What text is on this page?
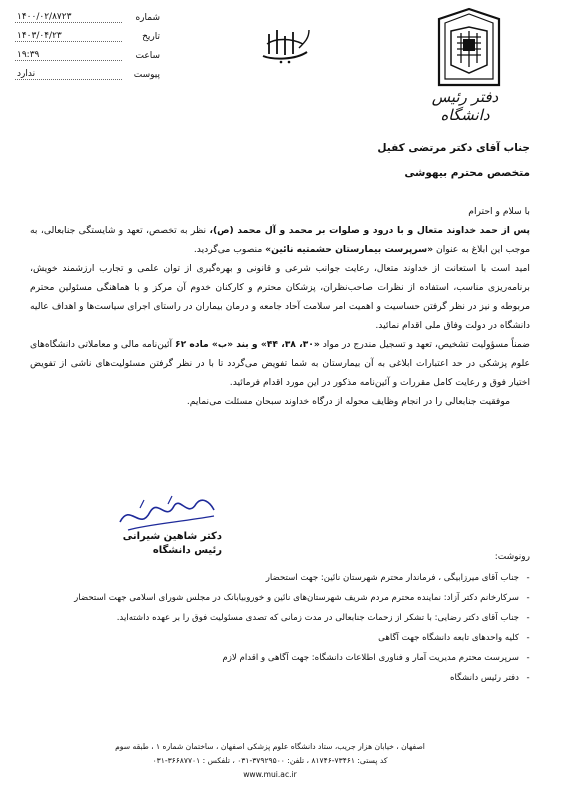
شماره
۱۴۰۰/۰۲/۸۷۲۳
تاریخ
۱۴۰۳/۰۴/۲۳
ساعت
۱۹:۳۹
پیوست
ندارد
دفتر رئیس دانشگاه
جناب آقای دکتر مرتضی کفیل
متخصص محترم بیهوشی

با سلام و احترام

پس از حمد خداوند متعال و با درود و صلوات بر محمد و آل محمد (ص)، نظر به تخصص، تعهد و شایستگی جنابعالی، به موجب این ابلاغ به عنوان «سرپرست بیمارستان حشمتیه نائین» منصوب می‌گردید.

امید است با استعانت از خداوند متعال، رعایت جوانب شرعی و قانونی و بهره‌گیری از توان علمی و تجارب ارزشمند خویش، برنامه‌ریزی مناسب، استفاده از نظرات صاحب‌نظران، پزشکان محترم و کارکنان خدوم آن مرکز و با هماهنگی مسئولین محترم مربوطه و نیز در نظر گرفتن حساسیت و اهمیت امر سلامت آحاد جامعه و درمان بیماران در راستای اجرای سیاست‌ها و اهداف عالیه دانشگاه در دولت وفاق ملی اقدام نمائید.

ضمناً مسؤولیت تشخیص، تعهد و تسجیل مندرج در مواد «۳۰، ۳۸، ۴۴» و بند «ب» ماده ۶۲ آئین‌نامه مالی و معاملاتی دانشگاه‌های علوم پزشکی در حد اعتبارات ابلاغی به آن بیمارستان به شما تفویض می‌گردد تا با در نظر گرفتن مسئولیت‌های ناشی از تفویض اختیار فوق و رعایت کامل مقررات و آئین‌نامه مذکور در این مورد اقدام فرمائید.

موفقیت جنابعالی را در انجام وظایف محوله از درگاه خداوند سبحان مسئلت می‌نمایم.

دکتر شاهین شیرانی
رئیس دانشگاه
رونوشت:
-
جناب آقای میرزابیگی ، فرماندار محترم شهرستان نائین: جهت استحضار
-
سرکارخانم دکتر آزاد: نماینده محترم مردم شریف شهرستان‌های نائین و خوروبیابانک در مجلس شورای اسلامی جهت استحضار
-
جناب آقای دکتر رضایی: با تشکر از زحمات جنابعالی در مدت زمانی که تصدی مسئولیت فوق را بر عهده داشته‌اید.
-
کلیه واحدهای تابعه دانشگاه جهت آگاهی
-
سرپرست محترم مدیریت آمار و فناوری اطلاعات دانشگاه: جهت آگاهی و اقدام لازم
-
دفتر رئیس دانشگاه
اصفهان ، خیابان هزار جریب، ستاد دانشگاه علوم پزشکی اصفهان ، ساختمان شماره ۱ ، طبقه سوم
کد پستی: ۷۳۴۶۱-۸۱۷۴۶ ، تلفن: ۳۷۹۲۹۵۰۰-۰۳۱ ، تلفکس : ۳۶۶۸۷۷۰۱-۰۳۱
www.mui.ac.ir
